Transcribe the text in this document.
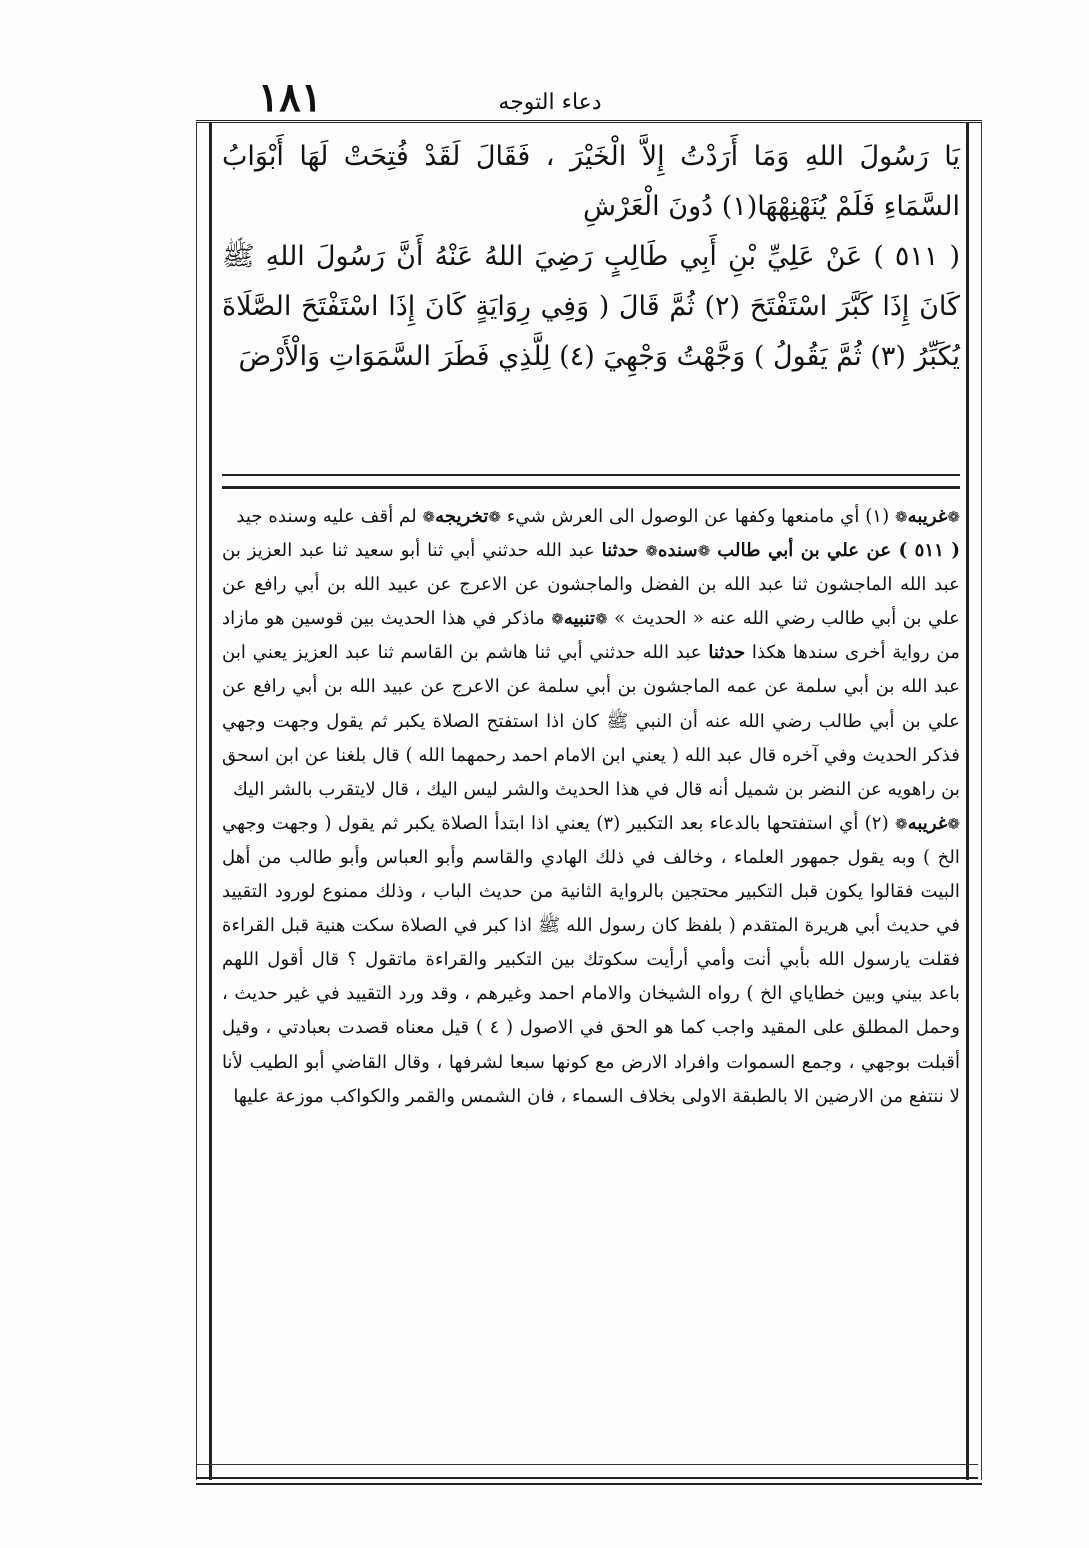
١٨١	دعاء التوجه

يَا رَسُولَ اللهِ وَمَا أَرَدْتُ إِلاَّ الْخَيْرَ ، فَقَالَ لَقَدْ فُتِحَتْ لَهَا أَبْوَابُ السَّمَاءِ فَلَمْ يُنَهْنِهْهَا(١) دُونَ الْعَرْشِ

( ٥١١ ) عَنْ عَلِيِّ بْنِ أَبِي طَالِبٍ رَضِيَ اللهُ عَنْهُ أَنَّ رَسُولَ اللهِ ﷺ كَانَ إِذَا كَبَّرَ اسْتَفْتَحَ (٢) ثُمَّ قَالَ ( وَفِي رِوَايَةٍ كَانَ إِذَا اسْتَفْتَحَ الصَّلَاةَ يُكَبِّرُ (٣) ثُمَّ يَقُولُ ) وَجَّهْتُ وَجْهِيَ (٤) لِلَّذِي فَطَرَ السَّمَوَاتِ وَالْأَرْضَ

❁غريبه❁ (١) أي مامنعها وكفها عن الوصول الى العرش شيء ❁تخريجه❁ لم أقف عليه وسنده جيد

( ٥١١ ) عن علي بن أبي طالب ❁سنده❁ حدثنا عبد الله حدثني أبي ثنا أبو سعيد ثنا عبد العزيز بن عبد الله الماجشون ثنا عبد الله بن الفضل والماجشون عن الاعرج عن عبيد الله بن أبي رافع عن علي بن أبي طالب رضي الله عنه « الحديث » ❁تنبيه❁ ماذكر في هذا الحديث بين قوسين هو مازاد من رواية أخرى سندها هكذا حدثنا عبد الله حدثني أبي ثنا هاشم بن القاسم ثنا عبد العزيز يعني ابن عبد الله بن أبي سلمة عن عمه الماجشون بن أبي سلمة عن الاعرج عن عبيد الله بن أبي رافع عن علي بن أبي طالب رضي الله عنه أن النبي ﷺ كان اذا استفتح الصلاة يكبر ثم يقول وجهت وجهي فذكر الحديث وفي آخره قال عبد الله ( يعني ابن الامام احمد رحمهما الله ) قال بلغنا عن ابن اسحق بن راهويه عن النضر بن شميل أنه قال في هذا الحديث والشر ليس اليك ، قال لايتقرب بالشر اليك

❁غريبه❁ (٢) أي استفتحها بالدعاء بعد التكبير (٣) يعني اذا ابتدأ الصلاة يكبر ثم يقول ( وجهت وجهي الخ ) وبه يقول جمهور العلماء ، وخالف في ذلك الهادي والقاسم وأبو العباس وأبو طالب من أهل البيت فقالوا يكون قبل التكبير محتجين بالرواية الثانية من حديث الباب ، وذلك ممنوع لورود التقييد في حديث أبي هريرة المتقدم ( بلفظ كان رسول الله ﷺ اذا كبر في الصلاة سكت هنية قبل القراءة فقلت يارسول الله بأبي أنت وأمي أرأيت سكوتك بين التكبير والقراءة ماتقول ؟ قال أقول اللهم باعد بيني وبين خطاياي الخ ) رواه الشيخان والامام احمد وغيرهم ، وقد ورد التقييد في غير حديث ، وحمل المطلق على المقيد واجب كما هو الحق في الاصول ( ٤ ) قيل معناه قصدت بعبادتي ، وقيل أقبلت بوجهي ، وجمع السموات وافراد الارض مع كونها سبعا لشرفها ، وقال القاضي أبو الطيب لأنا لا ننتفع من الارضين الا بالطبقة الاولى بخلاف السماء ، فان الشمس والقمر والكواكب موزعة عليها
